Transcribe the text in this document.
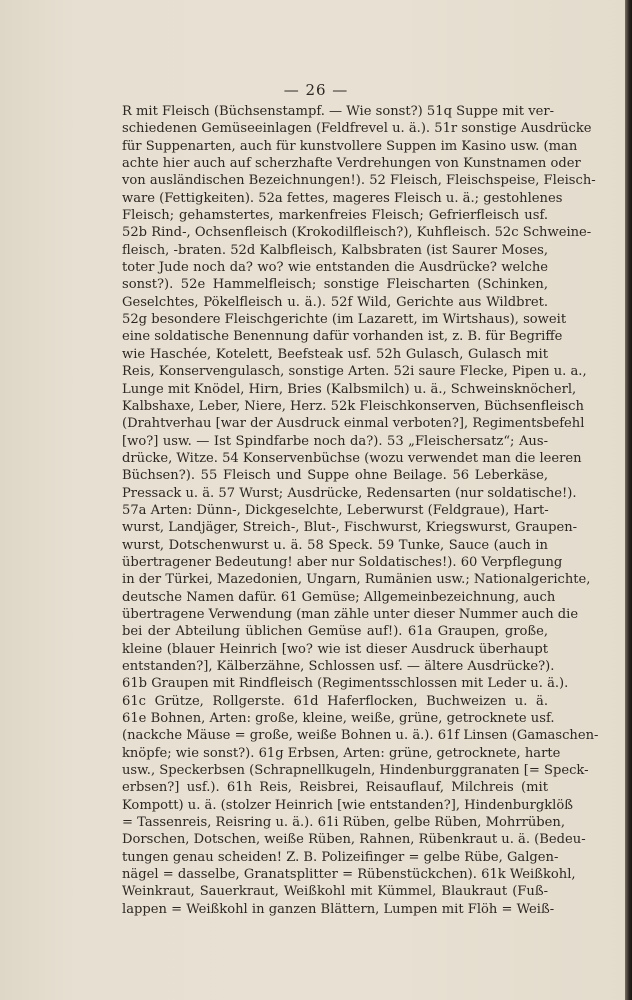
— 26 —
R mit Fleisch (Büchsenstampf. — Wie sonst?) 51q Suppe mit ver-
schiedenen Gemüseeinlagen (Feldfrevel u. ä.). 51r sonstige Ausdrücke
für Suppenarten, auch für kunstvollere Suppen im Kasino usw. (man
achte hier auch auf scherzhafte Verdrehungen von Kunstnamen oder
von ausländischen Bezeichnungen!). 52 Fleisch, Fleischspeise, Fleisch-
ware (Fettigkeiten). 52a fettes, mageres Fleisch u. ä.; gestohlenes
Fleisch; gehamstertes, markenfreies Fleisch; Gefrierfleisch usf.
52b Rind-, Ochsenfleisch (Krokodilfleisch?), Kuhfleisch. 52c Schweine-
fleisch, -braten. 52d Kalbfleisch, Kalbsbraten (ist Saurer Moses,
toter Jude noch da? wo? wie entstanden die Ausdrücke? welche
sonst?). 52e Hammelfleisch; sonstige Fleischarten (Schinken,
Geselchtes, Pökelfleisch u. ä.). 52f Wild, Gerichte aus Wildbret.
52g besondere Fleischgerichte (im Lazarett, im Wirtshaus), soweit
eine soldatische Benennung dafür vorhanden ist, z. B. für Begriffe
wie Haschée, Kotelett, Beefsteak usf. 52h Gulasch, Gulasch mit
Reis, Konservengulasch, sonstige Arten. 52i saure Flecke, Pipen u. a.,
Lunge mit Knödel, Hirn, Bries (Kalbsmilch) u. ä., Schweinsknöcherl,
Kalbshaxe, Leber, Niere, Herz. 52k Fleischkonserven, Büchsenfleisch
(Drahtverhau [war der Ausdruck einmal verboten?], Regimentsbefehl
[wo?] usw. — Ist Spindfarbe noch da?). 53 „Fleischersatz“; Aus-
drücke, Witze. 54 Konservenbüchse (wozu verwendet man die leeren
Büchsen?). 55 Fleisch und Suppe ohne Beilage. 56 Leberkäse,
Pressack u. ä. 57 Wurst; Ausdrücke, Redensarten (nur soldatische!).
57a Arten: Dünn-, Dickgeselchte, Leberwurst (Feldgraue), Hart-
wurst, Landjäger, Streich-, Blut-, Fischwurst, Kriegswurst, Graupen-
wurst, Dotschenwurst u. ä. 58 Speck. 59 Tunke, Sauce (auch in
übertragener Bedeutung! aber nur Soldatisches!). 60 Verpflegung
in der Türkei, Mazedonien, Ungarn, Rumänien usw.; Nationalgerichte,
deutsche Namen dafür. 61 Gemüse; Allgemeinbezeichnung, auch
übertragene Verwendung (man zähle unter dieser Nummer auch die
bei der Abteilung üblichen Gemüse auf!). 61a Graupen, große,
kleine (blauer Heinrich [wo? wie ist dieser Ausdruck überhaupt
entstanden?], Kälberzähne, Schlossen usf. — ältere Ausdrücke?).
61b Graupen mit Rindfleisch (Regimentsschlossen mit Leder u. ä.).
61c Grütze, Rollgerste. 61d Haferflocken, Buchweizen u. ä.
61e Bohnen, Arten: große, kleine, weiße, grüne, getrocknete usf.
(nackche Mäuse = große, weiße Bohnen u. ä.). 61f Linsen (Gamaschen-
knöpfe; wie sonst?). 61g Erbsen, Arten: grüne, getrocknete, harte
usw., Speckerbsen (Schrapnellkugeln, Hindenburggranaten [= Speck-
erbsen?] usf.). 61h Reis, Reisbrei, Reisauflauf, Milchreis (mit
Kompott) u. ä. (stolzer Heinrich [wie entstanden?], Hindenburgklöß
= Tassenreis, Reisring u. ä.). 61i Rüben, gelbe Rüben, Mohrrüben,
Dorschen, Dotschen, weiße Rüben, Rahnen, Rübenkraut u. ä. (Bedeu-
tungen genau scheiden! Z. B. Polizeifinger = gelbe Rübe, Galgen-
nägel = dasselbe, Granatsplitter = Rübenstückchen). 61k Weißkohl,
Weinkraut, Sauerkraut, Weißkohl mit Kümmel, Blaukraut (Fuß-
lappen = Weißkohl in ganzen Blättern, Lumpen mit Flöh = Weiß-
